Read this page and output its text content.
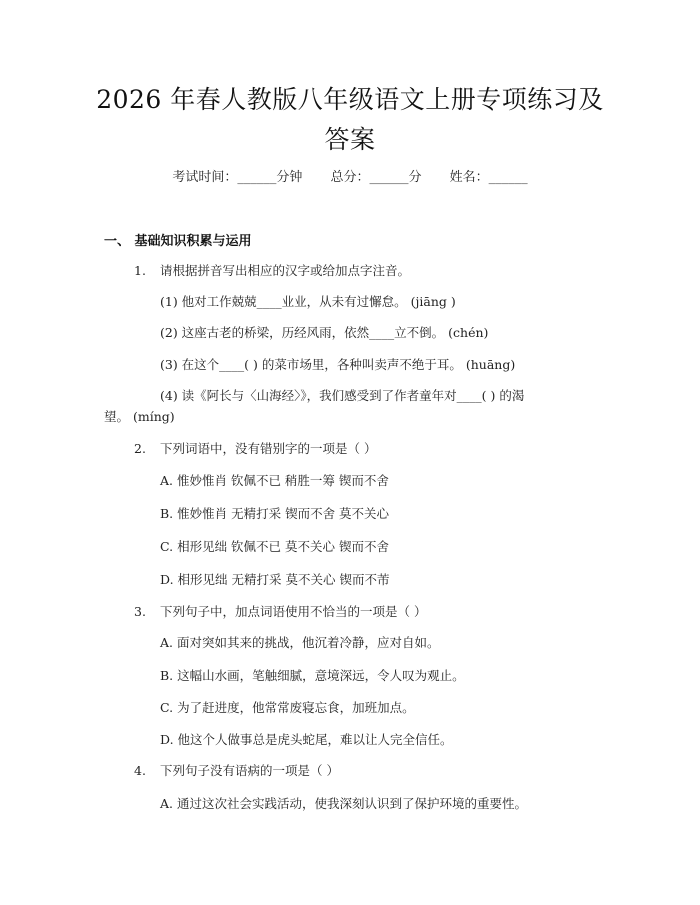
2026 年春人教版八年级语文上册专项练习及
答案
考试时间：______分钟 总分：______分 姓名：______
一、 基础知识积累与运用
1. 请根据拼音写出相应的汉字或给加点字注音。
(1) 他对工作兢兢____业业，从未有过懈怠。 (jiāng )
(2) 这座古老的桥梁，历经风雨，依然____立不倒。 (chén)
(3) 在这个____( ) 的菜市场里，各种叫卖声不绝于耳。 (huāng)
(4) 读《阿长与〈山海经〉》，我们感受到了作者童年对____( ) 的渴
望。 (míng)
2. 下列词语中，没有错别字的一项是（ ）
A. 惟妙惟肖 钦佩不已 稍胜一筹 锲而不舍
B. 惟妙惟肖 无精打采 锲而不舍 莫不关心
C. 相形见绌 钦佩不已 莫不关心 锲而不舍
D. 相形见绌 无精打采 莫不关心 锲而不芾
3. 下列句子中，加点词语使用不恰当的一项是（ ）
A. 面对突如其来的挑战，他沉着冷静，应对自如。
B. 这幅山水画，笔触细腻，意境深远，令人叹为观止。
C. 为了赶进度，他常常废寝忘食，加班加点。
D. 他这个人做事总是虎头蛇尾，难以让人完全信任。
4. 下列句子没有语病的一项是（ ）
A. 通过这次社会实践活动，使我深刻认识到了保护环境的重要性。
